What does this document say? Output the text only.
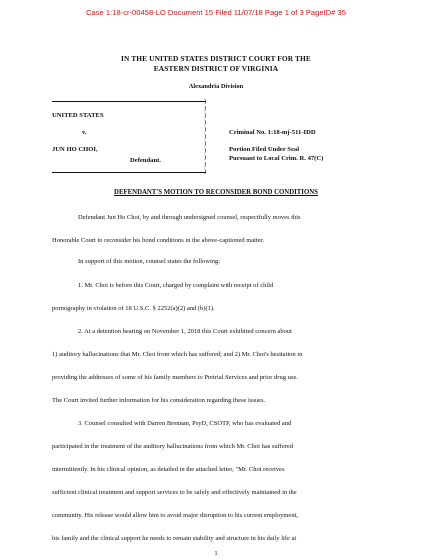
Case 1:18-cr-00458-LO Document 15 Filed 11/07/18 Page 1 of 3 PageID# 35
IN THE UNITED STATES DISTRICT COURT FOR THE
EASTERN DISTRICT OF VIRGINIA
Alexandria Division
UNITED STATES
v.
JUN HO CHOI,
Defendant.
)
)
)
)
)
)
)
)
)
)
)
Criminal No. 1:18-mj-511-IDD
Portion Filed Under Seal
Pursuant to Local Crim. R. 47(C)
DEFENDANT'S MOTION TO RECONSIDER BOND CONDITIONS
Defendant Jun Ho Choi, by and through undersigned counsel, respectfully moves this
Honorable Court to reconsider his bond conditions in the above-captioned matter.
In support of this motion, counsel states the following:
1. Mr. Choi is before this Court, charged by complaint with receipt of child
pornography in violation of 18 U.S.C. § 2252(a)(2) and (b)(1).
2. At a detention hearing on November 1, 2018 this Court exhibited concern about
1) auditory hallucinations that Mr. Choi from which has suffered; and 2) Mr. Choi's hesitation in
providing the addresses of some of his family members to Pretrial Services and prior drug use.
The Court invited further information for his consideration regarding these issues.
3. Counsel consulted with Darren Brennan, PsyD, CSOTP, who has evaluated and
participated in the treatment of the auditory hallucinations from which Mr. Choi has suffered
intermittently. In his clinical opinion, as detailed in the attached letter, "Mr. Choi receives
sufficient clinical treatment and support services to be safely and effectively maintained in the
community. His release would allow him to avoid major disruption to his current employment,
his family and the clinical support he needs to remain stability and structure in his daily life at
1
